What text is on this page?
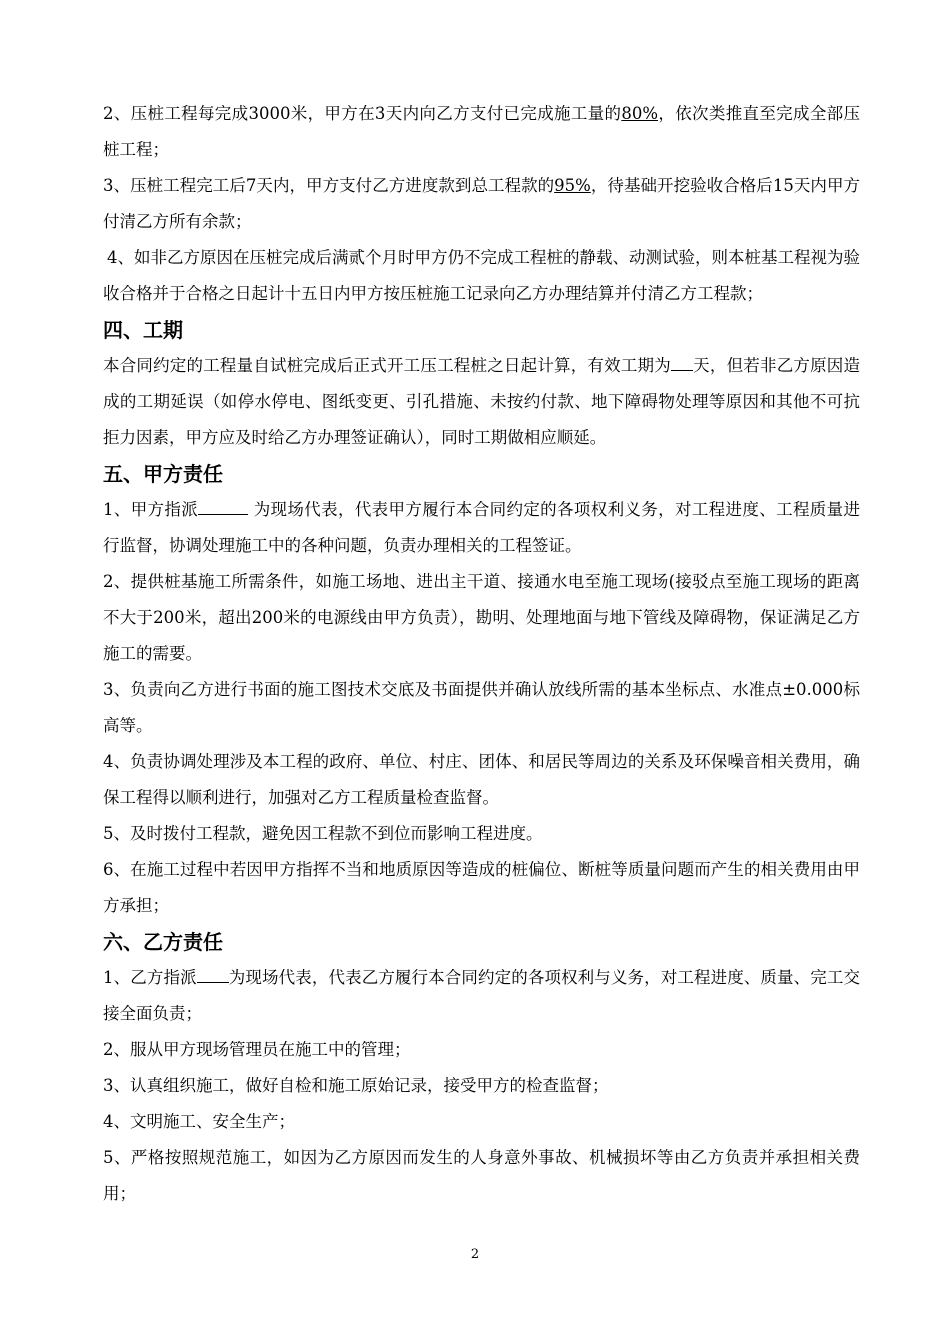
2、压桩工程每完成3000米，甲方在3天内向乙方支付已完成施工量的80%，依次类推直至完成全部压桩工程；

3、压桩工程完工后7天内，甲方支付乙方进度款到总工程款的95%，待基础开挖验收合格后15天内甲方付清乙方所有余款；

4、如非乙方原因在压桩完成后满贰个月时甲方仍不完成工程桩的静载、动测试验，则本桩基工程视为验收合格并于合格之日起计十五日内甲方按压桩施工记录向乙方办理结算并付清乙方工程款；

四、工期

本合同约定的工程量自试桩完成后正式开工压工程桩之日起计算，有效工期为 天，但若非乙方原因造成的工期延误（如停水停电、图纸变更、引孔措施、未按约付款、地下障碍物处理等原因和其他不可抗拒力因素，甲方应及时给乙方办理签证确认），同时工期做相应顺延。

五、甲方责任

1、甲方指派	为现场代表，代表甲方履行本合同约定的各项权利义务，对工程进度、工程质量进行监督，协调处理施工中的各种问题，负责办理相关的工程签证。

2、提供桩基施工所需条件，如施工场地、进出主干道、接通水电至施工现场(接驳点至施工现场的距离不大于200米，超出200米的电源线由甲方负责），勘明、处理地面与地下管线及障碍物，保证满足乙方施工的需要。

3、负责向乙方进行书面的施工图技术交底及书面提供并确认放线所需的基本坐标点、水准点±0.000标高等。

4、负责协调处理涉及本工程的政府、单位、村庄、团体、和居民等周边的关系及环保噪音相关费用，确保工程得以顺利进行，加强对乙方工程质量检查监督。

5、及时拨付工程款，避免因工程款不到位而影响工程进度。

6、在施工过程中若因甲方指挥不当和地质原因等造成的桩偏位、断桩等质量问题而产生的相关费用由甲方承担；

六、乙方责任

1、乙方指派 为现场代表，代表乙方履行本合同约定的各项权利与义务，对工程进度、质量、完工交接全面负责；

2、服从甲方现场管理员在施工中的管理；

3、认真组织施工，做好自检和施工原始记录，接受甲方的检查监督；

4、文明施工、安全生产；

5、严格按照规范施工，如因为乙方原因而发生的人身意外事故、机械损坏等由乙方负责并承担相关费用；

2
